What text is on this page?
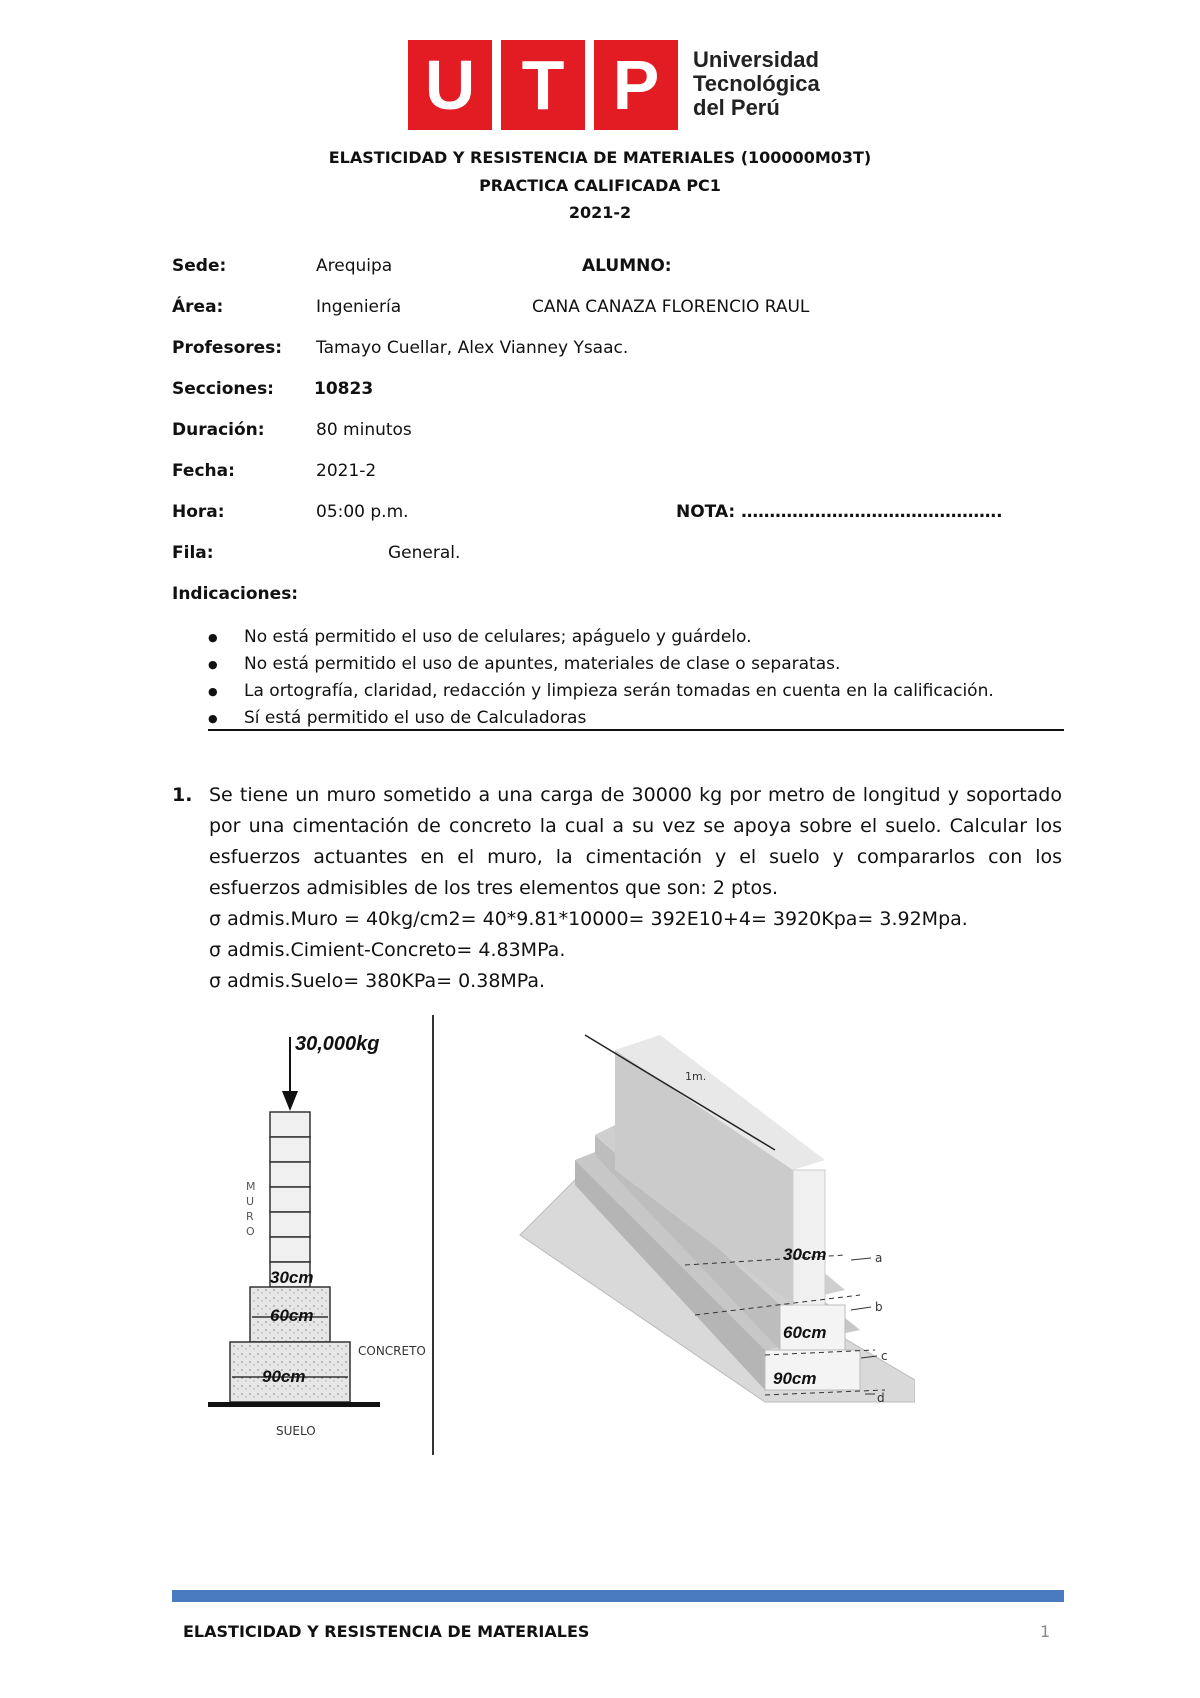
U T P	Universidad
Tecnológica
del Perú
ELASTICIDAD Y RESISTENCIA DE MATERIALES (100000M03T)
PRACTICA CALIFICADA PC1
2021-2
Sede:	Arequipa	ALUMNO:
Área:	Ingeniería	CANA CANAZA FLORENCIO RAUL
Profesores: Tamayo Cuellar, Alex Vianney Ysaac.
Secciones: 10823
Duración:	80 minutos
Fecha:	2021-2
Hora:	05:00 p.m.	NOTA: ……………………………………….
Fila:	General.
Indicaciones:
● No está permitido el uso de celulares; apáguelo y guárdelo.
● No está permitido el uso de apuntes, materiales de clase o separatas.
● La ortografía, claridad, redacción y limpieza serán tomadas en cuenta en la calificación.
● Sí está permitido el uso de Calculadoras
1. Se tiene un muro sometido a una carga de 30000 kg por metro de longitud y soportado por una cimentación de concreto la cual a su vez se apoya sobre el suelo. Calcular los esfuerzos actuantes en el muro, la cimentación y el suelo y compararlos con los esfuerzos admisibles de los tres elementos que son: 2 ptos.
σ admis.Muro = 40kg/cm2= 40*9.81*10000= 392E10+4= 3920Kpa= 3.92Mpa.
σ admis.Cimient-Concreto= 4.83MPa.
σ admis.Suelo= 380KPa= 0.38MPa.
30,000kg
M
U
R
O
30cm
60cm
90cm
CONCRETO
SUELO
1m.
30cm
60cm
90cm
a
b
c
d
ELASTICIDAD Y RESISTENCIA DE MATERIALES	1
